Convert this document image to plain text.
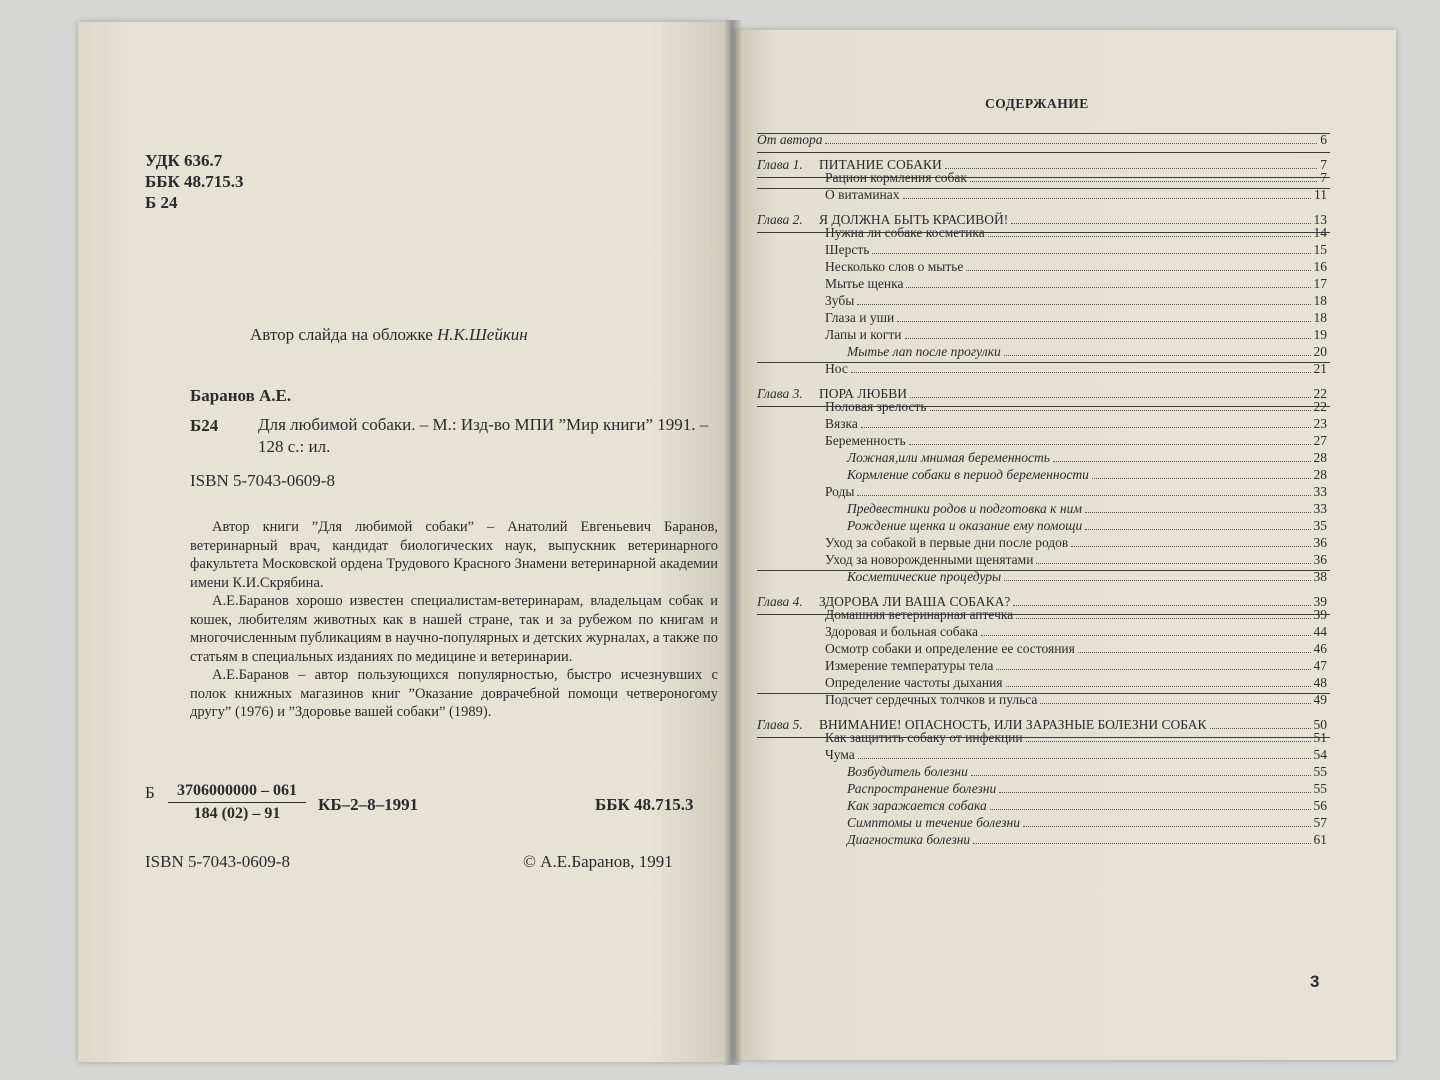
УДК 636.7
ББК 48.715.3
Б 24
Автор слайда на обложке Н.К.Шейкин
Баранов А.Е.
Б24 Для любимой собаки. – М.: Изд-во МПИ ”Мир книги” 1991. – 128 с.: ил.
ISBN 5-7043-0609-8

Автор книги ”Для любимой собаки” – Анатолий Евгеньевич Баранов, ветеринарный врач, кандидат биологических наук, выпускник ветеринарного факультета Московской ордена Трудового Красного Знамени ветеринарной академии имени К.И.Скрябина.

А.Е.Баранов хорошо известен специалистам-ветеринарам, владельцам собак и кошек, любителям животных как в нашей стране, так и за рубежом по книгам и многочисленным публикациям в научно-популярных и детских журналах, а также по статьям в специальных изданиях по медицине и ветеринарии.

А.Е.Баранов – автор пользующихся популярностью, быстро исчезнувших с полок книжных магазинов книг ”Оказание доврачебной помощи четвероногому другу” (1976) и ”Здоровье вашей собаки” (1989).

Б $\frac{3706000000 - 061}{184 (02) - 91} КБ-2-8-1991$	ББК 48.715.3
ISBN 5-7043-0609-8	© А.Е.Баранов, 1991
СОДЕРЖАНИЕ
От автора	6
Глава 1. ПИТАНИЕ СОБАКИ	7
Рацион кормления собак	7
О витаминах	11
Глава 2. Я ДОЛЖНА БЫТЬ КРАСИВОЙ!	13
Нужна ли собаке косметика	14
Шерсть	15
Несколько слов о мытье	16
Мытье щенка	17
Зубы	18
Глаза и уши	18
Лапы и когти	19
Мытье лап после прогулки	20
Нос	21
Глава 3. ПОРА ЛЮБВИ	22
Половая зрелость	22
Вязка	23
Беременность	27
Ложная,или мнимая беременность	28
Кормление собаки в период беременности	28
Роды	33
Предвестники родов и подготовка к ним	33
Рождение щенка и оказание ему помощи	35
Уход за собакой в первые дни после родов	36
Уход за новорожденными щенятами	36
Косметические процедуры	38
Глава 4. ЗДОРОВА ЛИ ВАША СОБАКА?	39
Домашняя ветеринарная аптечка	39
Здоровая и больная собака	44
Осмотр собаки и определение ее состояния	46
Измерение температуры тела	47
Определение частоты дыхания	48
Подсчет сердечных толчков и пульса	49
Глава 5. ВНИМАНИЕ! ОПАСНОСТЬ, ИЛИ ЗАРАЗНЫЕ БОЛЕЗНИ СОБАК	50
Как защитить собаку от инфекции	51
Чума	54
Возбудитель болезни	55
Распространение болезни	55
Как заражается собака	56
Симптомы и течение болезни	57
Диагностика болезни	61
3
